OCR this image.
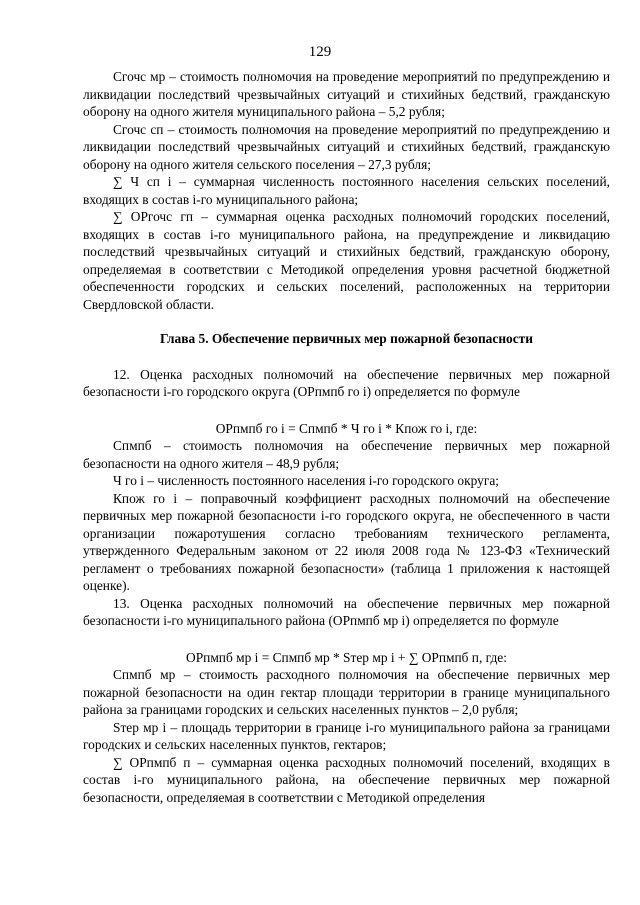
129

Сгочс мр – стоимость полномочия на проведение мероприятий по предупреждению и ликвидации последствий чрезвычайных ситуаций и стихийных бедствий, гражданскую оборону на одного жителя муниципального района – 5,2 рубля;

Сгочс сп – стоимость полномочия на проведение мероприятий по предупреждению и ликвидации последствий чрезвычайных ситуаций и стихийных бедствий, гражданскую оборону на одного жителя сельского поселения – 27,3 рубля;

∑ Ч сп i – суммарная численность постоянного населения сельских поселений, входящих в состав i-го муниципального района;

∑ ОРгочс гп – суммарная оценка расходных полномочий городских поселений, входящих в состав i-го муниципального района, на предупреждение и ликвидацию последствий чрезвычайных ситуаций и стихийных бедствий, гражданскую оборону, определяемая в соответствии с Методикой определения уровня расчетной бюджетной обеспеченности городских и сельских поселений, расположенных на территории Свердловской области.

Глава 5. Обеспечение первичных мер пожарной безопасности

12. Оценка расходных полномочий на обеспечение первичных мер пожарной безопасности i-го городского округа (ОРпмпб го i) определяется по формуле

ОРпмпб го i = Спмпб * Ч го i * Кпож го i, где:

Спмпб – стоимость полномочия на обеспечение первичных мер пожарной безопасности на одного жителя – 48,9 рубля;

Ч го i – численность постоянного населения i-го городского округа;

Кпож го i – поправочный коэффициент расходных полномочий на обеспечение первичных мер пожарной безопасности i-го городского округа, не обеспеченного в части организации пожаротушения согласно требованиям технического регламента, утвержденного Федеральным законом от 22 июля 2008 года № 123-ФЗ «Технический регламент о требованиях пожарной безопасности» (таблица 1 приложения к настоящей оценке).

13. Оценка расходных полномочий на обеспечение первичных мер пожарной безопасности i-го муниципального района (ОРпмпб мр i) определяется по формуле

ОРпмпб мр i = Спмпб мр * Sтер мр i + ∑ ОРпмпб п, где:

Спмпб мр – стоимость расходного полномочия на обеспечение первичных мер пожарной безопасности на один гектар площади территории в границе муниципального района за границами городских и сельских населенных пунктов – 2,0 рубля;

Sтер мр i – площадь территории в границе i-го муниципального района за границами городских и сельских населенных пунктов, гектаров;

∑ ОРпмпб п – суммарная оценка расходных полномочий поселений, входящих в состав i-го муниципального района, на обеспечение первичных мер пожарной безопасности, определяемая в соответствии с Методикой определения
